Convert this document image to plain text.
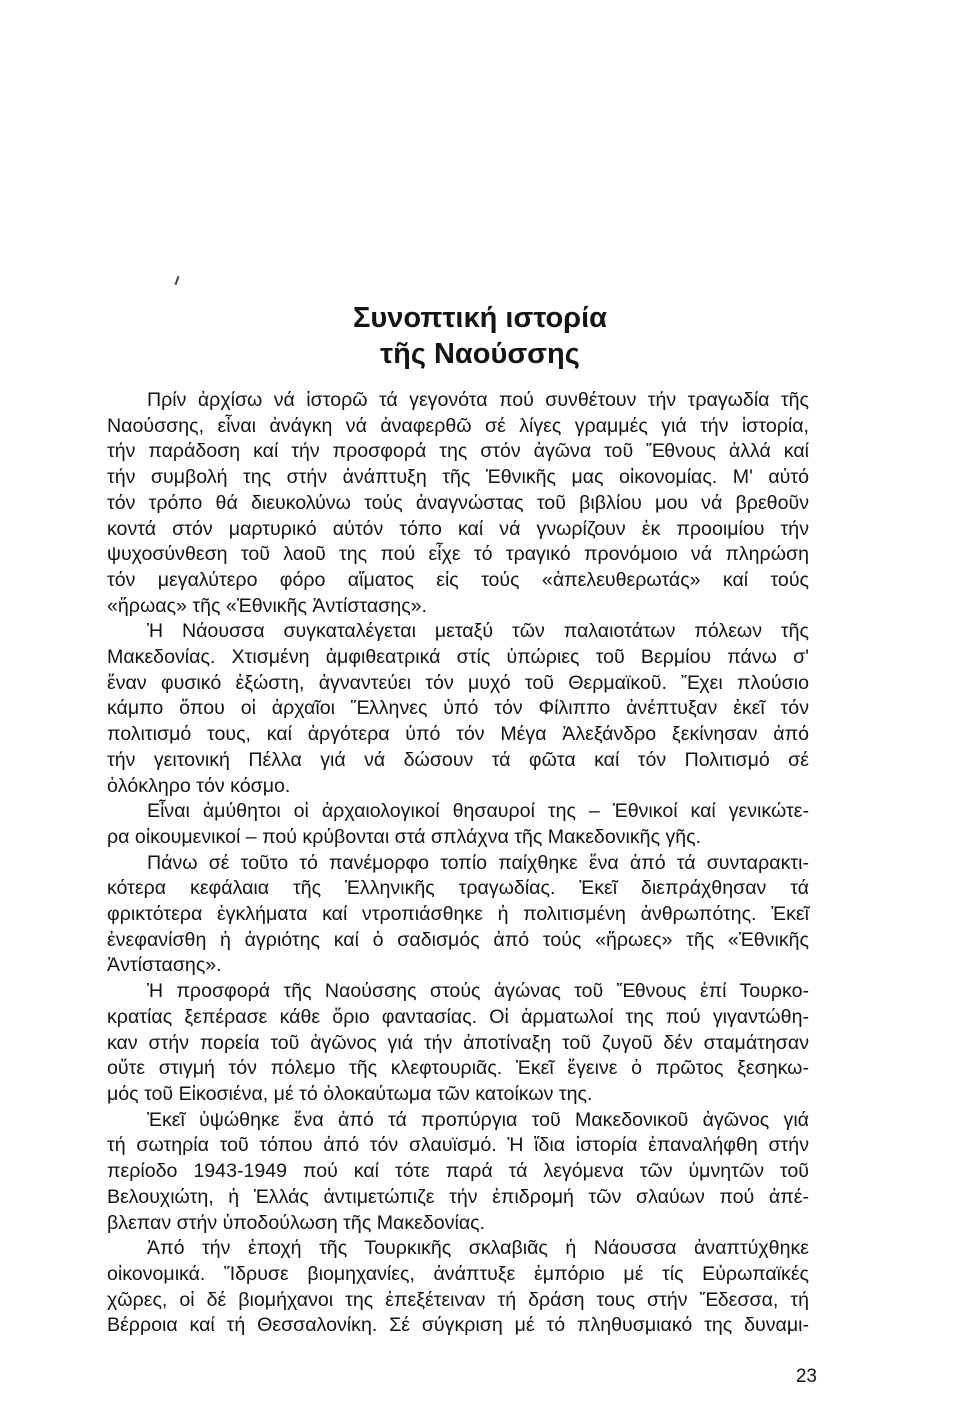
Συνοπτική ιστορία
τῆς Ναούσσης
Πρίν ἀρχίσω νά ἱστορῶ τά γεγονότα πού συνθέτουν τήν τραγωδία τῆς
Ναούσσης, εἶναι ἀνάγκη νά ἀναφερθῶ σέ λίγες γραμμές γιά τήν ἱστορία,
τήν παράδοση καί τήν προσφορά της στόν ἀγῶνα τοῦ Ἔθνους ἀλλά καί
τήν συμβολή της στήν ἀνάπτυξη τῆς Ἐθνικῆς μας οἰκονομίας. Μ' αὐτό
τόν τρόπο θά διευκολύνω τούς ἀναγνώστας τοῦ βιβλίου μου νά βρεθοῦν
κοντά στόν μαρτυρικό αὐτόν τόπο καί νά γνωρίζουν ἐκ προοιμίου τήν
ψυχοσύνθεση τοῦ λαοῦ της πού εἶχε τό τραγικό προνόμοιο νά πληρώση
τόν μεγαλύτερο φόρο αἵματος εἰς τούς «ἀπελευθερωτάς» καί τούς
«ἥρωας» τῆς «Ἐθνικῆς Ἀντίστασης».
Ἡ Νάουσσα συγκαταλέγεται μεταξύ τῶν παλαιοτάτων πόλεων τῆς
Μακεδονίας. Χτισμένη ἀμφιθεατρικά στίς ὑπώριες τοῦ Βερμίου πάνω σ'
ἕναν φυσικό ἐξώστη, ἀγναντεύει τόν μυχό τοῦ Θερμαϊκοῦ. Ἔχει πλούσιο
κάμπο ὅπου οἱ ἀρχαῖοι Ἕλληνες ὑπό τόν Φίλιππο ἀνέπτυξαν ἐκεῖ τόν
πολιτισμό τους, καί ἀργότερα ὑπό τόν Μέγα Ἀλεξάνδρο ξεκίνησαν ἀπό
τήν γειτονική Πέλλα γιά νά δώσουν τά φῶτα καί τόν Πολιτισμό σέ
ὁλόκληρο τόν κόσμο.
Εἶναι ἀμύθητοι οἱ ἀρχαιολογικοί θησαυροί της – Ἐθνικοί καί γενικώτε-
ρα οἰκουμενικοί – πού κρύβονται στά σπλάχνα τῆς Μακεδονικῆς γῆς.
Πάνω σέ τοῦτο τό πανέμορφο τοπίο παίχθηκε ἕνα ἀπό τά συνταρακτι-
κότερα κεφάλαια τῆς Ἑλληνικῆς τραγωδίας. Ἐκεῖ διεπράχθησαν τά
φρικτότερα ἐγκλήματα καί ντροπιάσθηκε ἡ πολιτισμένη ἀνθρωπότης. Ἐκεῖ
ἐνεφανίσθη ἡ ἀγριότης καί ὁ σαδισμός ἀπό τούς «ἥρωες» τῆς «Ἐθνικῆς
Ἀντίστασης».
Ἡ προσφορά τῆς Ναούσσης στούς ἀγώνας τοῦ Ἔθνους ἐπί Τουρκο-
κρατίας ξεπέρασε κάθε ὅριο φαντασίας. Οἱ ἁρματωλοί της πού γιγαντώθη-
καν στήν πορεία τοῦ ἀγῶνος γιά τήν ἀποτίναξη τοῦ ζυγοῦ δέν σταμάτησαν
οὔτε στιγμή τόν πόλεμο τῆς κλεφτουριᾶς. Ἐκεῖ ἔγεινε ὁ πρῶτος ξεσηκω-
μός τοῦ Εἰκοσιένα, μέ τό ὁλοκαύτωμα τῶν κατοίκων της.
Ἐκεῖ ὑψώθηκε ἕνα ἀπό τά προπύργια τοῦ Μακεδονικοῦ ἀγῶνος γιά
τή σωτηρία τοῦ τόπου ἀπό τόν σλαυϊσμό. Ἡ ἴδια ἱστορία ἐπαναλήφθη στήν
περίοδο 1943-1949 πού καί τότε παρά τά λεγόμενα τῶν ὑμνητῶν τοῦ
Βελουχιώτη, ἡ Ἑλλάς ἀντιμετώπιζε τήν ἐπιδρομή τῶν σλαύων πού ἀπέ-
βλεπαν στήν ὑποδούλωση τῆς Μακεδονίας.
Ἀπό τήν ἐποχή τῆς Τουρκικῆς σκλαβιᾶς ἡ Νάουσσα ἀναπτύχθηκε
οἰκονομικά. Ἵδρυσε βιομηχανίες, ἀνάπτυξε ἐμπόριο μέ τίς Εὐρωπαϊκές
χῶρες, οἱ δέ βιομήχανοι της ἐπεξέτειναν τή δράση τους στήν Ἔδεσσα, τή
Βέρροια καί τή Θεσσαλονίκη. Σέ σύγκριση μέ τό πληθυσμιακό της δυναμι-

23
